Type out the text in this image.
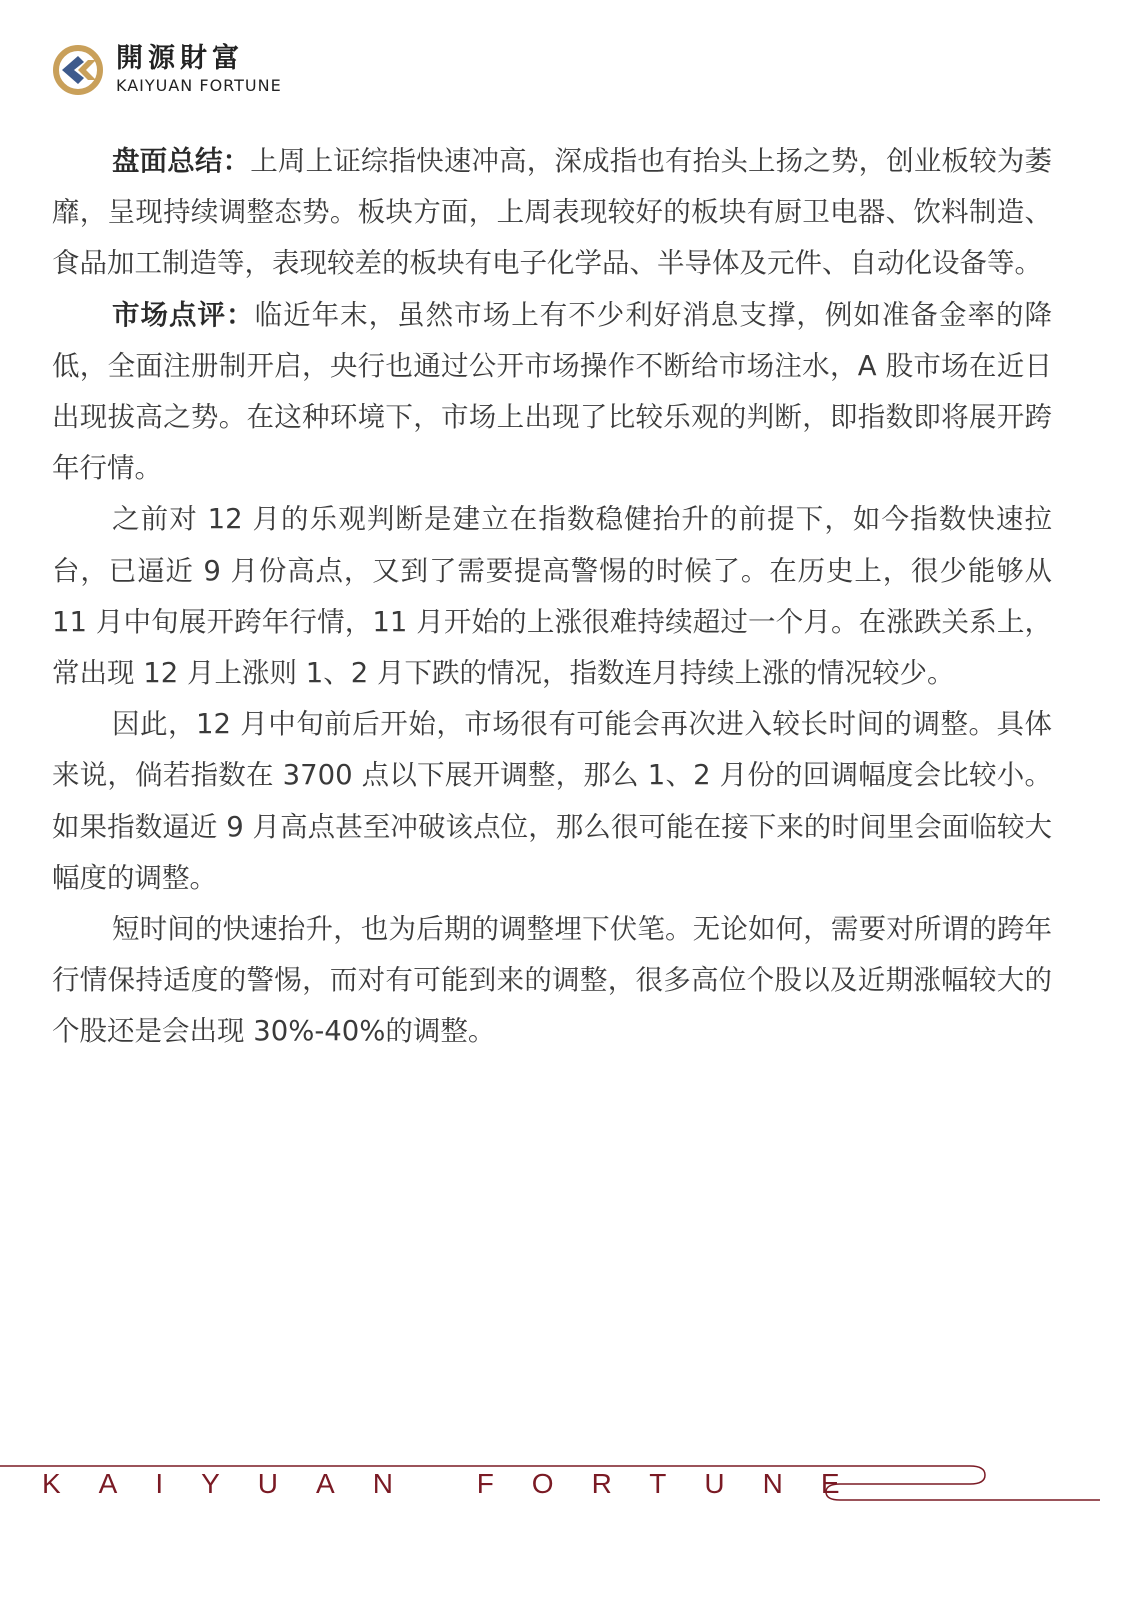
開源財富
KAIYUAN FORTUNE

盘面总结：上周上证综指快速冲高，深成指也有抬头上扬之势，创业板较为萎靡，呈现持续调整态势。板块方面，上周表现较好的板块有厨卫电器、饮料制造、食品加工制造等，表现较差的板块有电子化学品、半导体及元件、自动化设备等。

市场点评：临近年末，虽然市场上有不少利好消息支撑，例如准备金率的降低，全面注册制开启，央行也通过公开市场操作不断给市场注水，A 股市场在近日出现拔高之势。在这种环境下，市场上出现了比较乐观的判断，即指数即将展开跨年行情。

之前对 12 月的乐观判断是建立在指数稳健抬升的前提下，如今指数快速拉台，已逼近 9 月份高点，又到了需要提高警惕的时候了。在历史上，很少能够从 11 月中旬展开跨年行情，11 月开始的上涨很难持续超过一个月。在涨跌关系上，常出现 12 月上涨则 1、2 月下跌的情况，指数连月持续上涨的情况较少。

因此，12 月中旬前后开始，市场很有可能会再次进入较长时间的调整。具体来说，倘若指数在 3700 点以下展开调整，那么 1、2 月份的回调幅度会比较小。如果指数逼近 9 月高点甚至冲破该点位，那么很可能在接下来的时间里会面临较大幅度的调整。

短时间的快速抬升，也为后期的调整埋下伏笔。无论如何，需要对所谓的跨年行情保持适度的警惕，而对有可能到来的调整，很多高位个股以及近期涨幅较大的个股还是会出现 30%-40%的调整。

KAIYUAN FORTUNE
